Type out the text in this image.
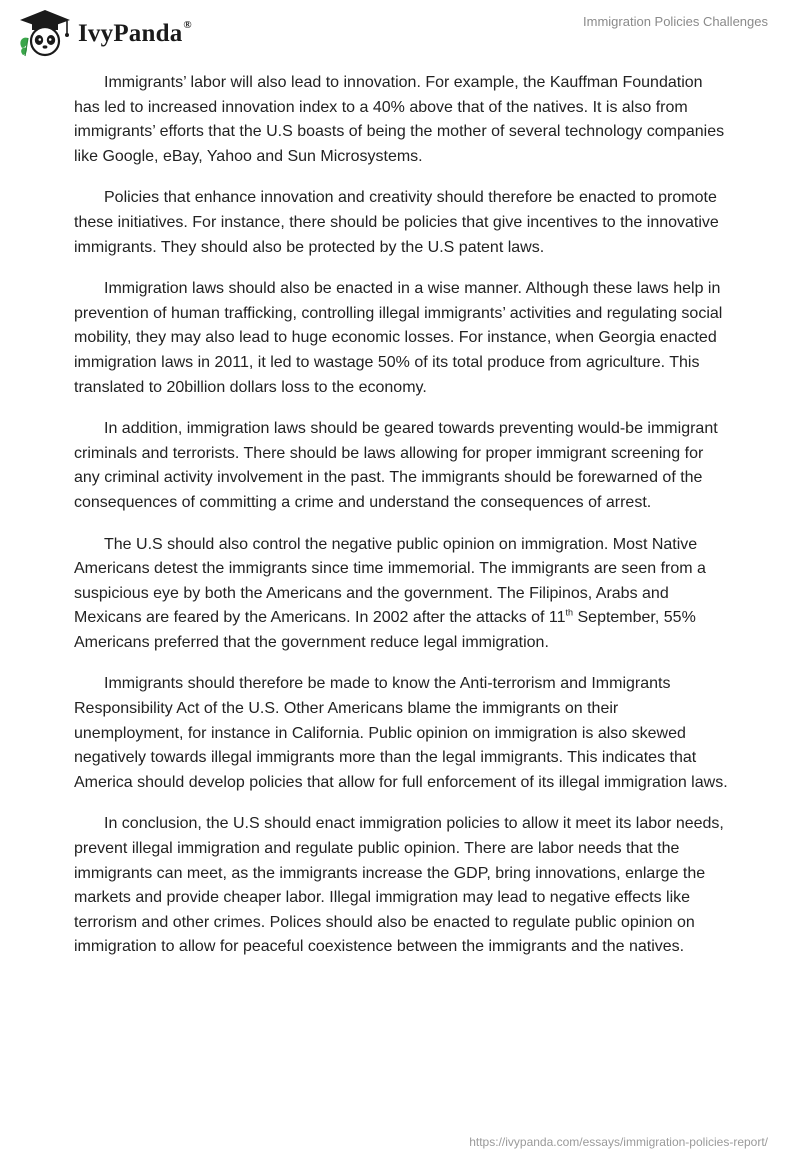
IvyPanda®	Immigration Policies Challenges

Immigrants’ labor will also lead to innovation. For example, the Kauffman Foundation has led to increased innovation index to a 40% above that of the natives. It is also from immigrants’ efforts that the U.S boasts of being the mother of several technology companies like Google, eBay, Yahoo and Sun Microsystems.

Policies that enhance innovation and creativity should therefore be enacted to promote these initiatives. For instance, there should be policies that give incentives to the innovative immigrants. They should also be protected by the U.S patent laws.

Immigration laws should also be enacted in a wise manner. Although these laws help in prevention of human trafficking, controlling illegal immigrants’ activities and regulating social mobility, they may also lead to huge economic losses. For instance, when Georgia enacted immigration laws in 2011, it led to wastage 50% of its total produce from agriculture. This translated to 20billion dollars loss to the economy.

In addition, immigration laws should be geared towards preventing would-be immigrant criminals and terrorists. There should be laws allowing for proper immigrant screening for any criminal activity involvement in the past. The immigrants should be forewarned of the consequences of committing a crime and understand the consequences of arrest.

The U.S should also control the negative public opinion on immigration. Most Native Americans detest the immigrants since time immemorial. The immigrants are seen from a suspicious eye by both the Americans and the government. The Filipinos, Arabs and Mexicans are feared by the Americans. In 2002 after the attacks of 11th September, 55% Americans preferred that the government reduce legal immigration.

Immigrants should therefore be made to know the Anti-terrorism and Immigrants Responsibility Act of the U.S. Other Americans blame the immigrants on their unemployment, for instance in California. Public opinion on immigration is also skewed negatively towards illegal immigrants more than the legal immigrants. This indicates that America should develop policies that allow for full enforcement of its illegal immigration laws.

In conclusion, the U.S should enact immigration policies to allow it meet its labor needs, prevent illegal immigration and regulate public opinion. There are labor needs that the immigrants can meet, as the immigrants increase the GDP, bring innovations, enlarge the markets and provide cheaper labor. Illegal immigration may lead to negative effects like terrorism and other crimes. Polices should also be enacted to regulate public opinion on immigration to allow for peaceful coexistence between the immigrants and the natives.

https://ivypanda.com/essays/immigration-policies-report/
